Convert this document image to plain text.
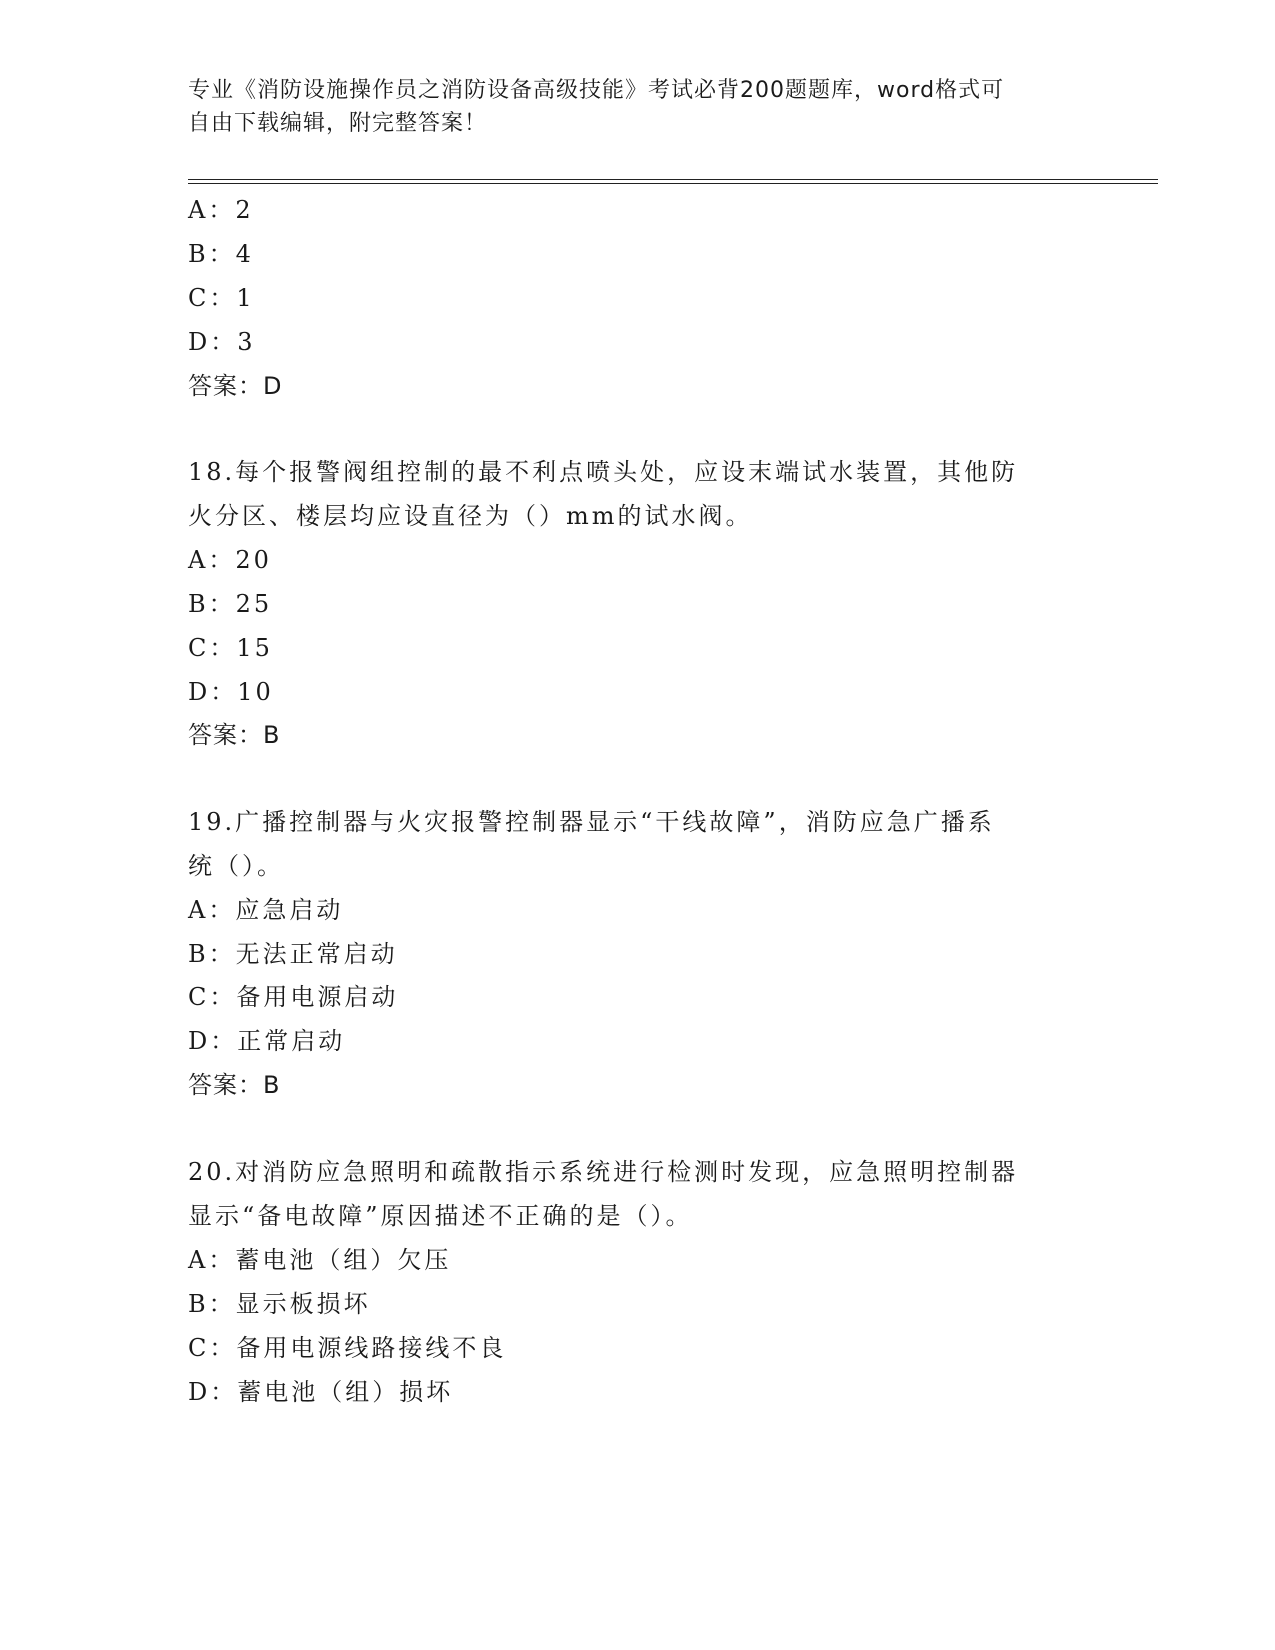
专业《消防设施操作员之消防设备高级技能》考试必背200题题库，word格式可
自由下载编辑，附完整答案！
A：2
B：4
C：1
D：3
答案：D
18.每个报警阀组控制的最不利点喷头处，应设末端试水装置，其他防
火分区、楼层均应设直径为（）mm的试水阀。
A：20
B：25
C：15
D：10
答案：B
19.广播控制器与火灾报警控制器显示“干线故障”，消防应急广播系
统（）。
A：应急启动
B：无法正常启动
C：备用电源启动
D：正常启动
答案：B
20.对消防应急照明和疏散指示系统进行检测时发现，应急照明控制器
显示“备电故障”原因描述不正确的是（）。
A：蓄电池（组）欠压
B：显示板损坏
C：备用电源线路接线不良
D：蓄电池（组）损坏
